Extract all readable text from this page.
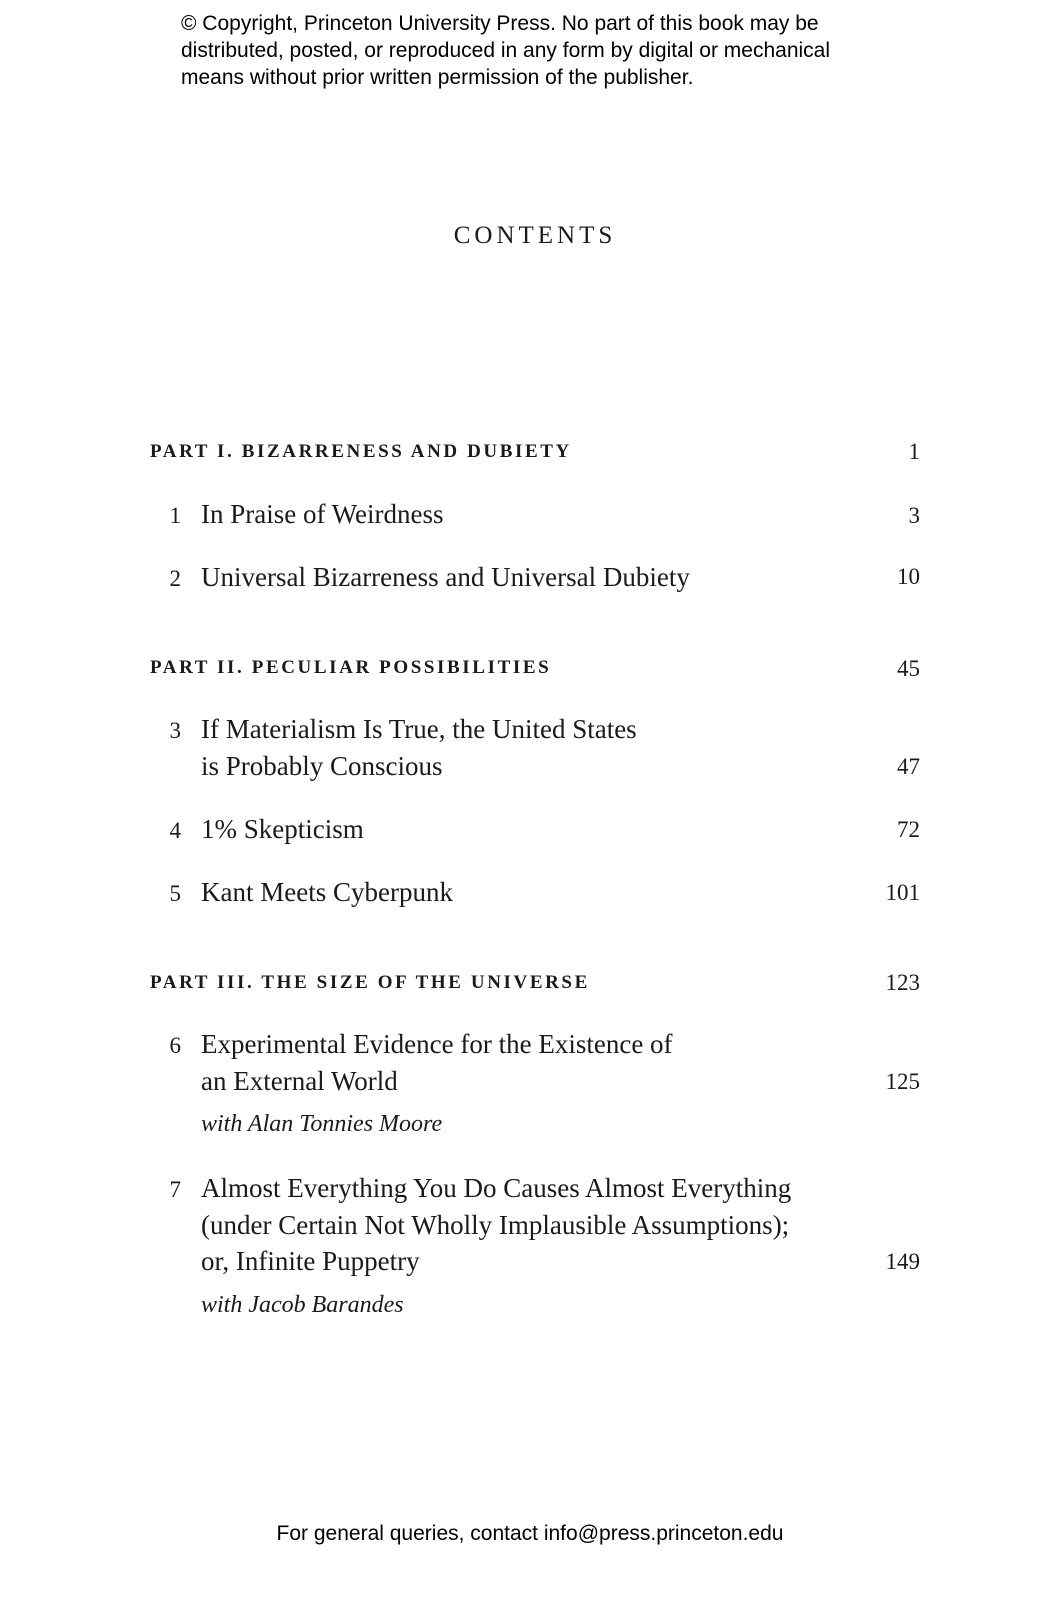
© Copyright, Princeton University Press. No part of this book may be
distributed, posted, or reproduced in any form by digital or mechanical
means without prior written permission of the publisher.
CONTENTS
PART I. BIZARRENESS AND DUBIETY	1
1 In Praise of Weirdness	3
2 Universal Bizarreness and Universal Dubiety	10
PART II. PECULIAR POSSIBILITIES	45
3 If Materialism Is True, the United States
is Probably Conscious	47
4 1% Skepticism	72
5 Kant Meets Cyberpunk	101
PART III. THE SIZE OF THE UNIVERSE	123
6 Experimental Evidence for the Existence of
an External World	125
with Alan Tonnies Moore
7 Almost Everything You Do Causes Almost Everything
(under Certain Not Wholly Implausible Assumptions);
or, Infinite Puppetry	149
with Jacob Barandes
For general queries, contact info@press.princeton.edu
